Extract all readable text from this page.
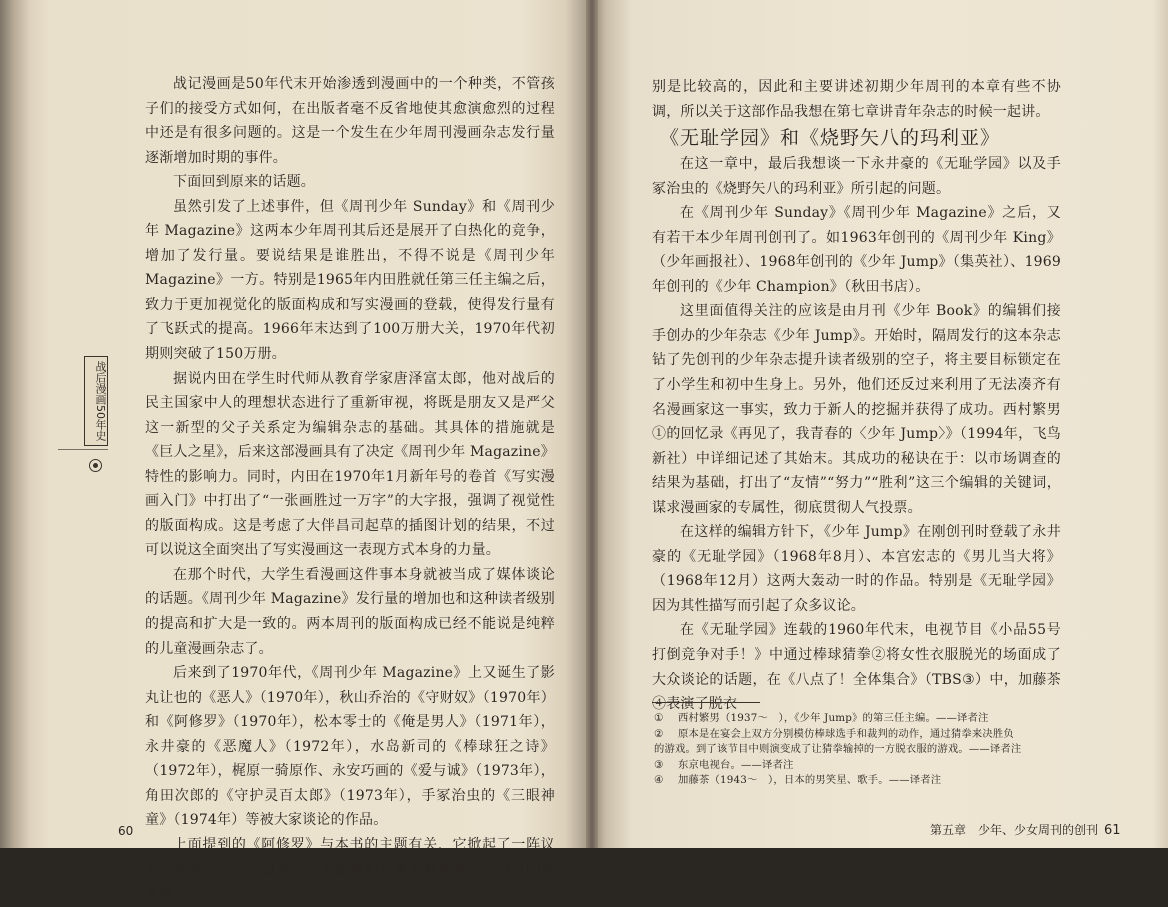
战记漫画是50年代末开始渗透到漫画中的一个种类，不管孩子们的接受方式如何，在出版者毫不反省地使其愈演愈烈的过程中还是有很多问题的。这是一个发生在少年周刊漫画杂志发行量逐渐增加时期的事件。

下面回到原来的话题。

虽然引发了上述事件，但《周刊少年 Sunday》和《周刊少年 Magazine》这两本少年周刊其后还是展开了白热化的竞争，增加了发行量。要说结果是谁胜出，不得不说是《周刊少年 Magazine》一方。特别是1965年内田胜就任第三任主编之后，致力于更加视觉化的版面构成和写实漫画的登载，使得发行量有了飞跃式的提高。1966年末达到了100万册大关，1970年代初期则突破了150万册。

据说内田在学生时代师从教育学家唐泽富太郎，他对战后的民主国家中人的理想状态进行了重新审视，将既是朋友又是严父这一新型的父子关系定为编辑杂志的基础。其具体的措施就是《巨人之星》，后来这部漫画具有了决定《周刊少年 Magazine》特性的影响力。同时，内田在1970年1月新年号的卷首《写实漫画入门》中打出了“一张画胜过一万字”的大字报，强调了视觉性的版面构成。这是考虑了大伴昌司起草的插图计划的结果，不过可以说这全面突出了写实漫画这一表现方式本身的力量。

在那个时代，大学生看漫画这件事本身就被当成了媒体谈论的话题。《周刊少年 Magazine》发行量的增加也和这种读者级别的提高和扩大是一致的。两本周刊的版面构成已经不能说是纯粹的儿童漫画杂志了。

后来到了1970年代，《周刊少年 Magazine》上又诞生了影丸让也的《恶人》（1970年），秋山乔治的《守财奴》（1970年）和《阿修罗》（1970年），松本零士的《俺是男人》（1971年），永井豪的《恶魔人》（1972年），水岛新司的《棒球狂之诗》（1972年），梶原一骑原作、永安巧画的《爱与诚》（1973年），角田次郎的《守护灵百太郎》（1973年），手冢治虫的《三眼神童》（1974年）等被大家谈论的作品。

上面提到的《阿修罗》与本书的主题有关，它掀起了一阵议论，很受关注。不过从杂志的编排和作者的意图来说，设定的读者级

战后漫画50年史
60

别是比较高的，因此和主要讲述初期少年周刊的本章有些不协调，所以关于这部作品我想在第七章讲青年杂志的时候一起讲。

《无耻学园》和《烧野矢八的玛利亚》

在这一章中，最后我想谈一下永井豪的《无耻学园》以及手冢治虫的《烧野矢八的玛利亚》所引起的问题。

在《周刊少年 Sunday》《周刊少年 Magazine》之后，又有若干本少年周刊创刊了。如1963年创刊的《周刊少年 King》（少年画报社）、1968年创刊的《少年 Jump》（集英社）、1969年创刊的《少年 Champion》（秋田书店）。

这里面值得关注的应该是由月刊《少年 Book》的编辑们接手创办的少年杂志《少年 Jump》。开始时，隔周发行的这本杂志钻了先创刊的少年杂志提升读者级别的空子，将主要目标锁定在了小学生和初中生身上。另外，他们还反过来利用了无法凑齐有名漫画家这一事实，致力于新人的挖掘并获得了成功。西村繁男①的回忆录《再见了，我青春的〈少年 Jump〉》（1994年，飞鸟新社）中详细记述了其始末。其成功的秘诀在于：以市场调查的结果为基础，打出了“友情”“努力”“胜利”这三个编辑的关键词，谋求漫画家的专属性，彻底贯彻人气投票。

在这样的编辑方针下，《少年 Jump》在刚创刊时登载了永井豪的《无耻学园》（1968年8月）、本宫宏志的《男儿当大将》（1968年12月）这两大轰动一时的作品。特别是《无耻学园》因为其性描写而引起了众多议论。

在《无耻学园》连载的1960年代末，电视节目《小品55号打倒竞争对手！》中通过棒球猜拳②将女性衣服脱光的场面成了大众谈论的话题，在《八点了！全体集合》（TBS③）中，加藤茶④表演了脱衣

① 西村繁男（1937～　），《少年 Jump》的第三任主编。——译者注

② 原本是在宴会上双方分别模仿棒球选手和裁判的动作，通过猜拳来决胜负

的游戏。到了该节目中则演变成了让猜拳输掉的一方脱衣服的游戏。——译者注

③ 东京电视台。——译者注

④ 加藤茶（1943～　），日本的男笑星、歌手。——译者注

第五章　少年、少女周刊的创刊 61
